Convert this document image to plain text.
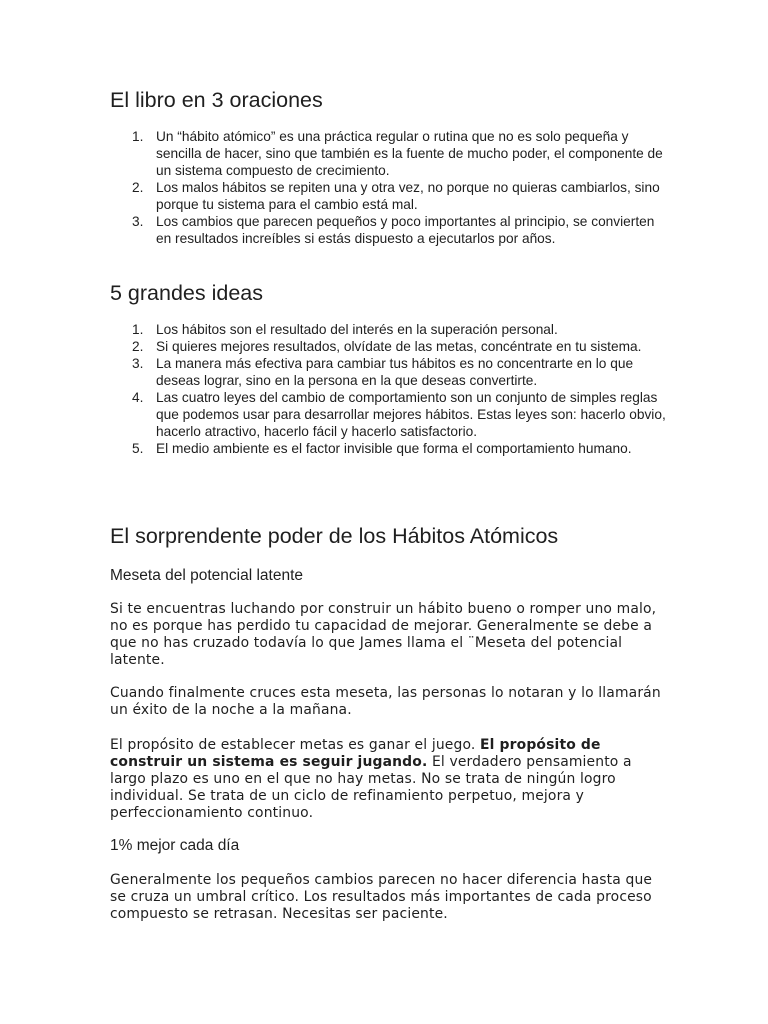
El libro en 3 oraciones
1. Un “hábito atómico” es una práctica regular o rutina que no es solo pequeña y sencilla de hacer, sino que también es la fuente de mucho poder, el componente de un sistema compuesto de crecimiento.
2. Los malos hábitos se repiten una y otra vez, no porque no quieras cambiarlos, sino porque tu sistema para el cambio está mal.
3. Los cambios que parecen pequeños y poco importantes al principio, se convierten en resultados increíbles si estás dispuesto a ejecutarlos por años.
5 grandes ideas
1. Los hábitos son el resultado del interés en la superación personal.
2. Si quieres mejores resultados, olvídate de las metas, concéntrate en tu sistema.
3. La manera más efectiva para cambiar tus hábitos es no concentrarte en lo que deseas lograr, sino en la persona en la que deseas convertirte.
4. Las cuatro leyes del cambio de comportamiento son un conjunto de simples reglas que podemos usar para desarrollar mejores hábitos. Estas leyes son: hacerlo obvio, hacerlo atractivo, hacerlo fácil y hacerlo satisfactorio.
5. El medio ambiente es el factor invisible que forma el comportamiento humano.
El sorprendente poder de los Hábitos Atómicos
Meseta del potencial latente

Si te encuentras luchando por construir un hábito bueno o romper uno malo, no es porque has perdido tu capacidad de mejorar. Generalmente se debe a que no has cruzado todavía lo que James llama el ¨Meseta del potencial latente.

Cuando finalmente cruces esta meseta, las personas lo notaran y lo llamarán un éxito de la noche a la mañana.

El propósito de establecer metas es ganar el juego. El propósito de construir un sistema es seguir jugando. El verdadero pensamiento a largo plazo es uno en el que no hay metas. No se trata de ningún logro individual. Se trata de un ciclo de refinamiento perpetuo, mejora y perfeccionamiento continuo.

1% mejor cada día

Generalmente los pequeños cambios parecen no hacer diferencia hasta que se cruza un umbral crítico. Los resultados más importantes de cada proceso compuesto se retrasan. Necesitas ser paciente.
